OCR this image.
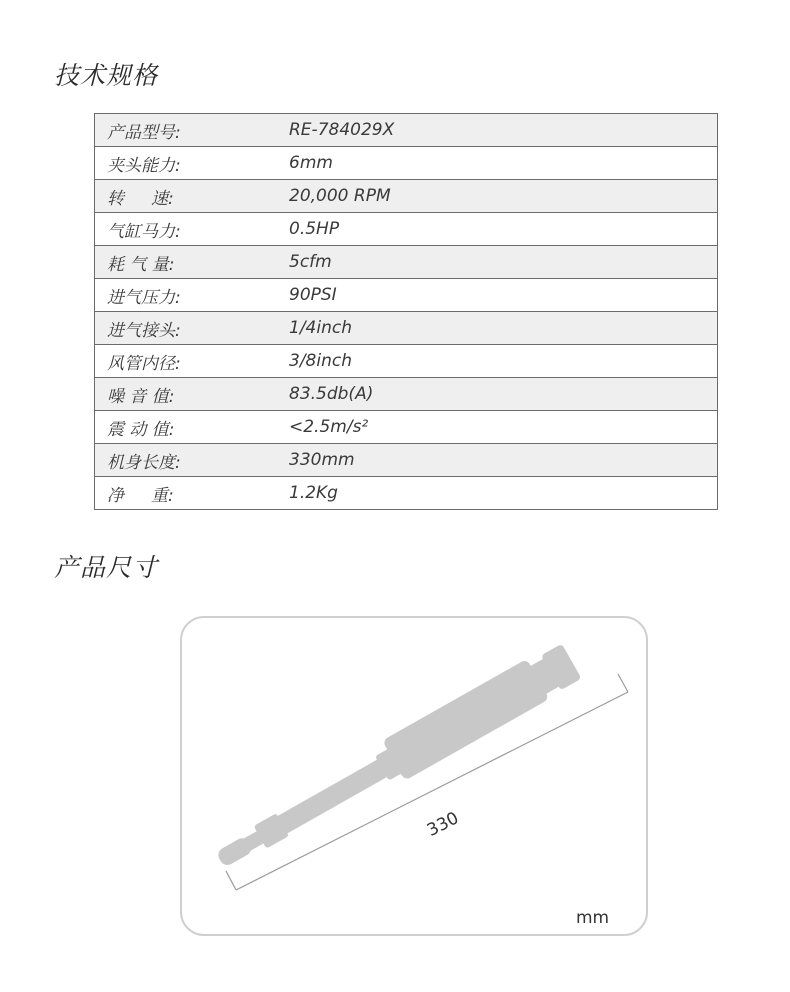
技术规格
产品型号:	RE-784029X
夹头能力:	6mm
转     速:	20,000 RPM
气缸马力:	0.5HP
耗 气 量:	5cfm
进气压力:	90PSI
进气接头:	1/4inch
风管内径:	3/8inch
噪 音 值:	83.5db(A)
震 动 值:	<2.5m/s²
机身长度:	330mm
净     重:	1.2Kg
产品尺寸
330
mm
